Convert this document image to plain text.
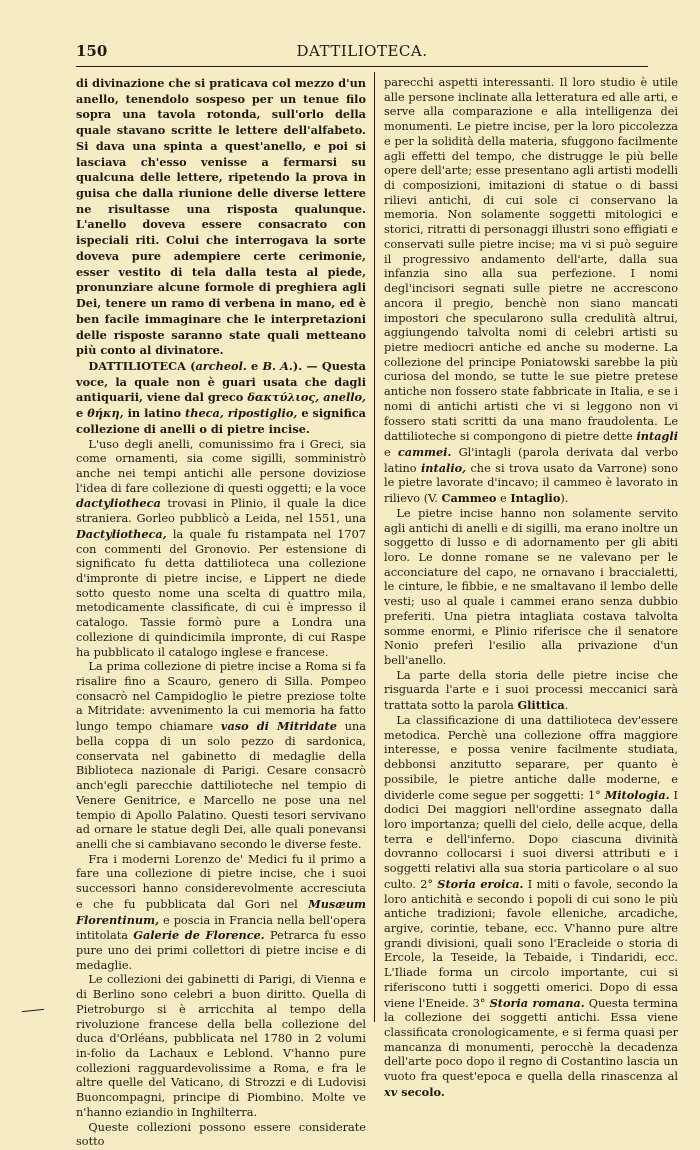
150	DATTILIOTECA.

di divinazione che si praticava col mezzo d'un anello, tenendolo sospeso per un tenue filo sopra una tavola rotonda, sull'orlo della quale stavano scritte le lettere dell'alfabeto. Si dava una spinta a quest'anello, e poi si lasciava ch'esso venisse a fermarsi su qualcuna delle lettere, ripetendo la prova in guisa che dalla riunione delle diverse lettere ne risultasse una risposta qualunque. L'anello doveva essere consacrato con ispeciali riti. Colui che interrogava la sorte doveva pure adempiere certe cerimonie, esser vestito di tela dalla testa al piede, pronunziare alcune formole di preghiera agli Dei, tenere un ramo di verbena in mano, ed è ben facile immaginare che le interpretazioni delle risposte saranno state quali metteano più conto al divinatore.

DATTILIOTECA (archeol. e B. A.). — Questa voce, la quale non è guari usata che dagli antiquarii, viene dal greco δακτύλιος, anello, e θήκη, in latino theca, ripostiglio, e significa collezione di anelli o di pietre incise.

L'uso degli anelli, comunissimo fra i Greci, sia come ornamenti, sia come sigilli, somministrò anche nei tempi antichi alle persone doviziose l'idea di fare collezione di questi oggetti; e la voce dactyliotheca trovasi in Plinio, il quale la dice straniera. Gorleo pubblicò a Leida, nel 1551, una Dactyliotheca, la quale fu ristampata nel 1707 con commenti del Gronovio. Per estensione di significato fu detta dattilioteca una collezione d'impronte di pietre incise, e Lippert ne diede sotto questo nome una scelta di quattro mila, metodicamente classificate, di cui è impresso il catalogo. Tassie formò pure a Londra una collezione di quindicimila impronte, di cui Raspe ha pubblicato il catalogo inglese e francese.

La prima collezione di pietre incise a Roma si fa risalire fino a Scauro, genero di Silla. Pompeo consacrò nel Campidoglio le pietre preziose tolte a Mitridate: avvenimento la cui memoria ha fatto lungo tempo chiamare vaso di Mitridate una bella coppa di un solo pezzo di sardonica, conservata nel gabinetto di medaglie della Biblioteca nazionale di Parigi. Cesare consacrò anch'egli parecchie dattilioteche nel tempio di Venere Genitrice, e Marcello ne pose una nel tempio di Apollo Palatino. Questi tesori servivano ad ornare le statue degli Dei, alle quali ponevansi anelli che si cambiavano secondo le diverse feste.

Fra i moderni Lorenzo de' Medici fu il primo a fare una collezione di pietre incise, che i suoi successori hanno considerevolmente accresciuta e che fu pubblicata dal Gori nel Musæum Florentinum, e poscia in Francia nella bell'opera intitolata Galerie de Florence. Petrarca fu esso pure uno dei primi collettori di pietre incise e di medaglie.

Le collezioni dei gabinetti di Parigi, di Vienna e di Berlino sono celebri a buon diritto. Quella di Pietroburgo si è arricchita al tempo della rivoluzione francese della bella collezione del duca d'Orléans, pubblicata nel 1780 in 2 volumi in-folio da Lachaux e Leblond. V'hanno pure collezioni ragguardevolissime a Roma, e fra le altre quelle del Vaticano, di Strozzi e di Ludovisi Buoncompagni, principe di Piombino. Molte ve n'hanno eziandio in Inghilterra.

Queste collezioni possono essere considerate sotto

parecchi aspetti interessanti. Il loro studio è utile alle persone inclinate alla letteratura ed alle arti, e serve alla comparazione e alla intelligenza dei monumenti. Le pietre incise, per la loro piccolezza e per la solidità della materia, sfuggono facilmente agli effetti del tempo, che distrugge le più belle opere dell'arte; esse presentano agli artisti modelli di composizioni, imitazioni di statue o di bassi rilievi antichi, di cui sole ci conservano la memoria. Non solamente soggetti mitologici e storici, ritratti di personaggi illustri sono effigiati e conservati sulle pietre incise; ma vi si può seguire il progressivo andamento dell'arte, dalla sua infanzia sino alla sua perfezione. I nomi degl'incisori segnati sulle pietre ne accrescono ancora il pregio, benchè non siano mancati impostori che specularono sulla credulità altrui, aggiungendo talvolta nomi di celebri artisti su pietre mediocri antiche ed anche su moderne. La collezione del principe Poniatowski sarebbe la più curiosa del mondo, se tutte le sue pietre pretese antiche non fossero state fabbricate in Italia, e se i nomi di antichi artisti che vi si leggono non vi fossero stati scritti da una mano fraudolenta. Le dattilioteche si compongono di pietre dette intagli e cammei. Gl'intagli (parola derivata dal verbo latino intalio, che si trova usato da Varrone) sono le pietre lavorate d'incavo; il cammeo è lavorato in rilievo (V. Cammeo e Intaglio).

Le pietre incise hanno non solamente servito agli antichi di anelli e di sigilli, ma erano inoltre un soggetto di lusso e di adornamento per gli abiti loro. Le donne romane se ne valevano per le acconciature del capo, ne ornavano i braccialetti, le cinture, le fibbie, e ne smaltavano il lembo delle vesti; uso al quale i cammei erano senza dubbio preferiti. Una pietra intagliata costava talvolta somme enormi, e Plinio riferisce che il senatore Nonio preferì l'esilio alla privazione d'un bell'anello.

La parte della storia delle pietre incise che risguarda l'arte e i suoi processi meccanici sarà trattata sotto la parola Glittica.

La classificazione di una dattilioteca dev'essere metodica. Perchè una collezione offra maggiore interesse, e possa venire facilmente studiata, debbonsi anzitutto separare, per quanto è possibile, le pietre antiche dalle moderne, e dividerle come segue per soggetti: 1° Mitologia. I dodici Dei maggiori nell'ordine assegnato dalla loro importanza; quelli del cielo, delle acque, della terra e dell'inferno. Dopo ciascuna divinità dovranno collocarsi i suoi diversi attributi e i soggetti relativi alla sua storia particolare o al suo culto. 2° Storia eroica. I miti o favole, secondo la loro antichità e secondo i popoli di cui sono le più antiche tradizioni; favole elleniche, arcadiche, argive, corintie, tebane, ecc. V'hanno pure altre grandi divisioni, quali sono l'Eracleide o storia di Ercole, la Teseide, la Tebaide, i Tindaridi, ecc. L'Iliade forma un circolo importante, cui si riferiscono tutti i soggetti omerici. Dopo di essa viene l'Eneide. 3° Storia romana. Questa termina la collezione dei soggetti antichi. Essa viene classificata cronologicamente, e si ferma quasi per mancanza di monumenti, perocchè la decadenza dell'arte poco dopo il regno di Costantino lascia un vuoto fra quest'epoca e quella della rinascenza al xv secolo.
